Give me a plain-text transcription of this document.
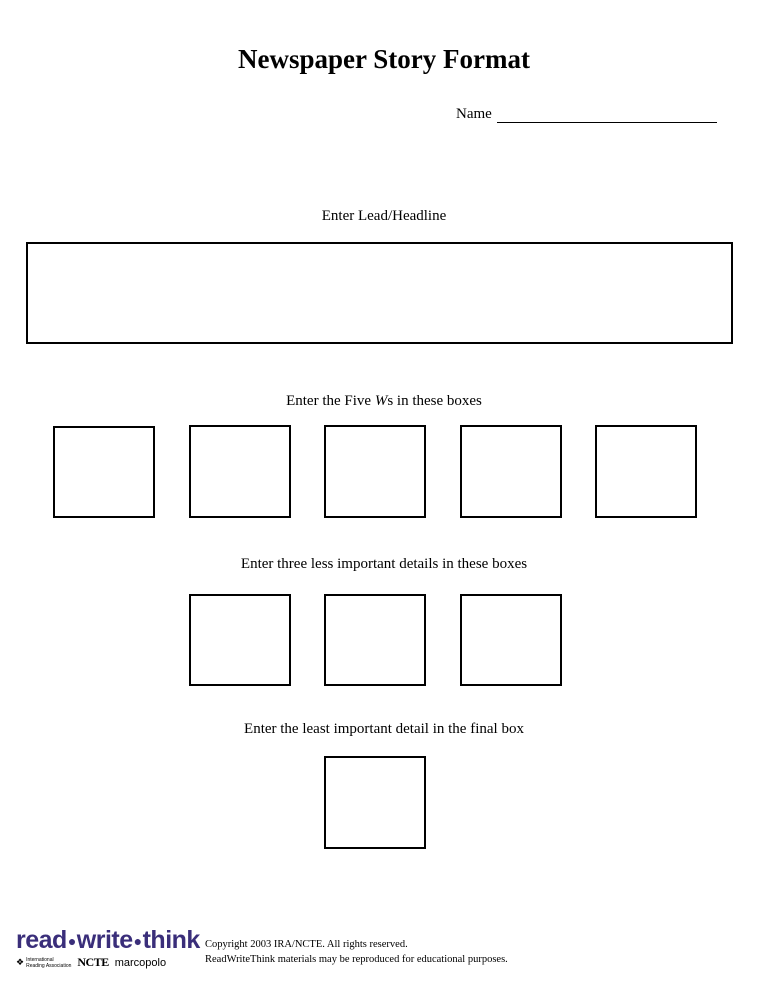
Newspaper Story Format
Name
Enter Lead/Headline
Enter the Five Ws in these boxes
Enter three less important details in these boxes
Enter the least important detail in the final box
read●write●think
❖ International
Reading Association NCTE marcopolo
Copyright 2003 IRA/NCTE. All rights reserved.
ReadWriteThink materials may be reproduced for educational purposes.
